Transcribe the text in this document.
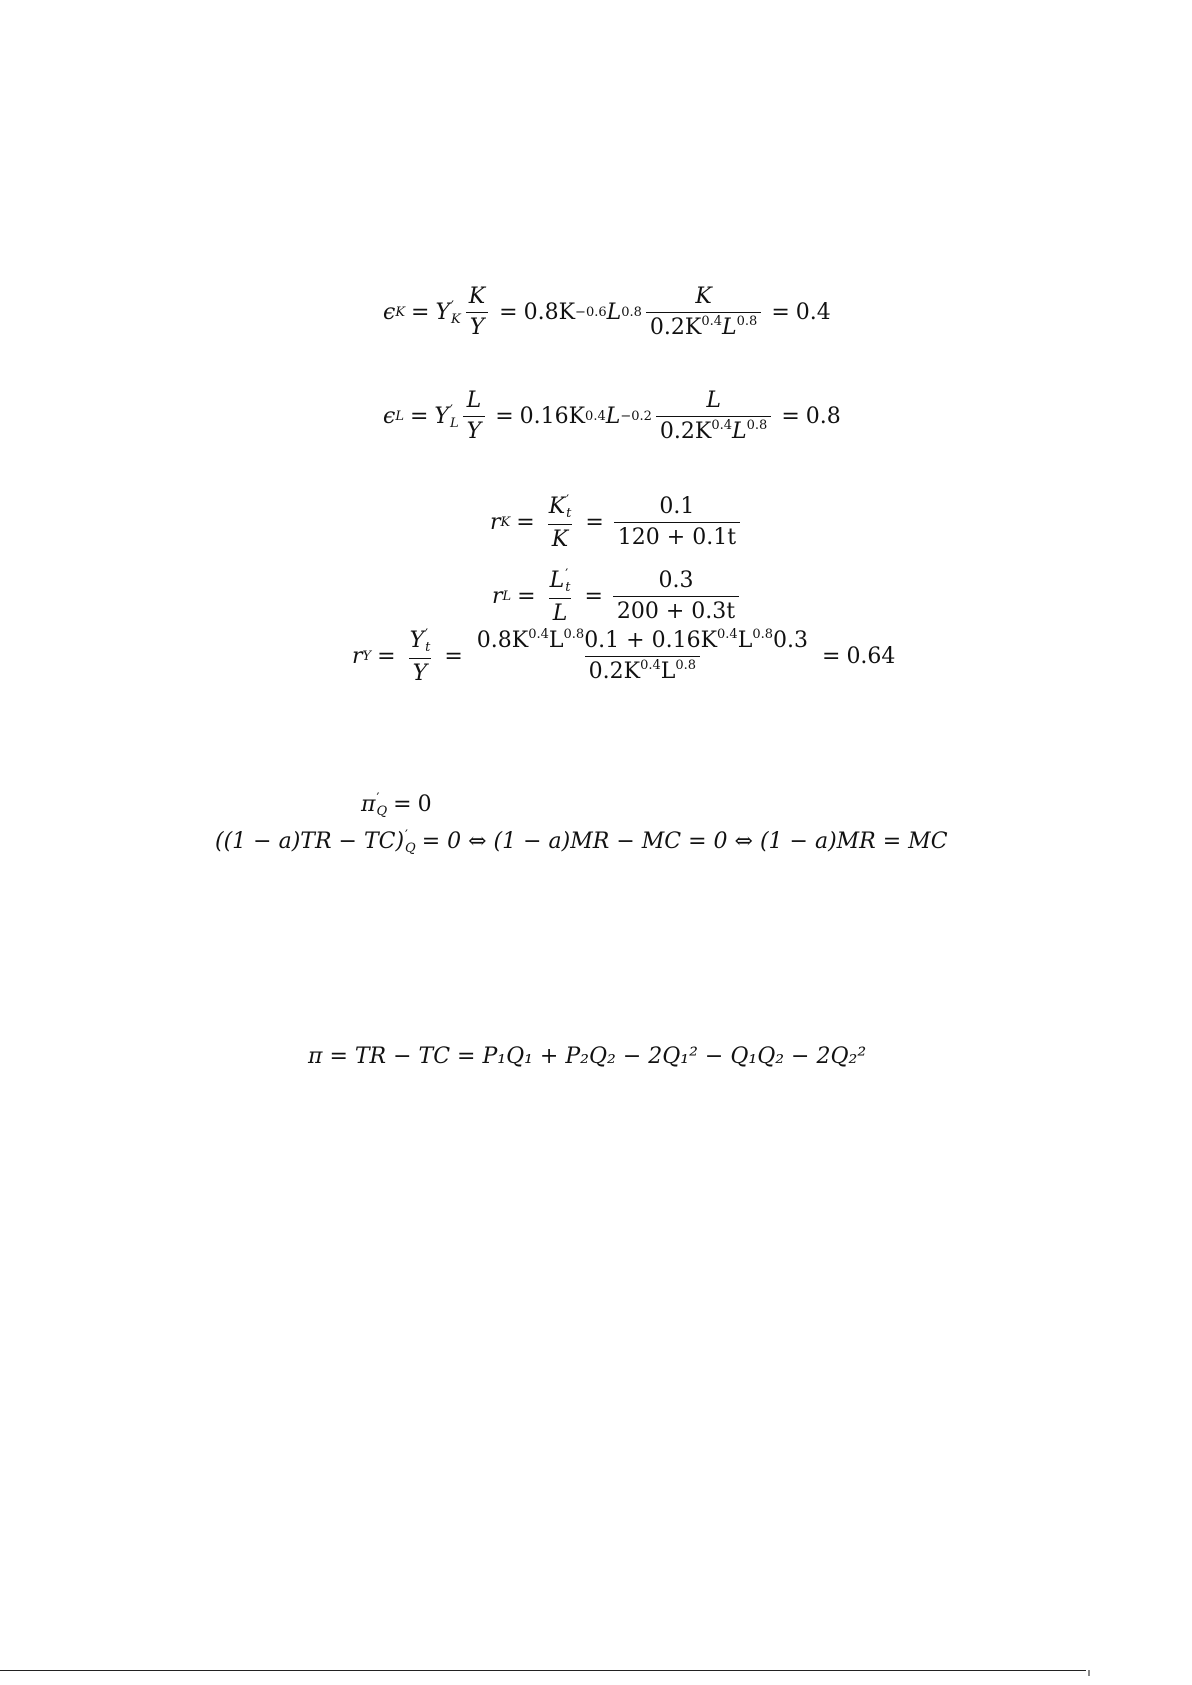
ϵ K = Y ′
K $\frac{K}{Y} = 0.8K -0.6$ L $0.8 \frac{K}{0.2K^{0.4}L^{0.8}} = 0.4$
ϵ L = Y ′
L $\frac{L}{Y} = 0.16K$ 0.4 $L -0.2 \frac{L}{0.2K^{0.4}L^{0.8}} = 0.8$
r K = K ′
t
$K = \frac{0.1}{120 + 0.1t}$
r L = L ′
t
$L = \frac{0.3}{200 + 0.3t}$
r Y = Y ′
t
$Y = \frac{0.8K^{0.4}L^{0.8}0.1 + 0.16K^{0.4}L^{0.8}0.3}{0.2K^{0.4}L^{0.8}} = 0.64$
π ′
Q = 0
((1 − a)TR − TC) ′
Q = 0 ⇔ (1 − a)MR − MC = 0 ⇔ (1 − a)MR = MC
π = TR − TC = P₁Q₁ + P₂Q₂ − 2Q₁² − Q₁Q₂ − 2Q₂²
